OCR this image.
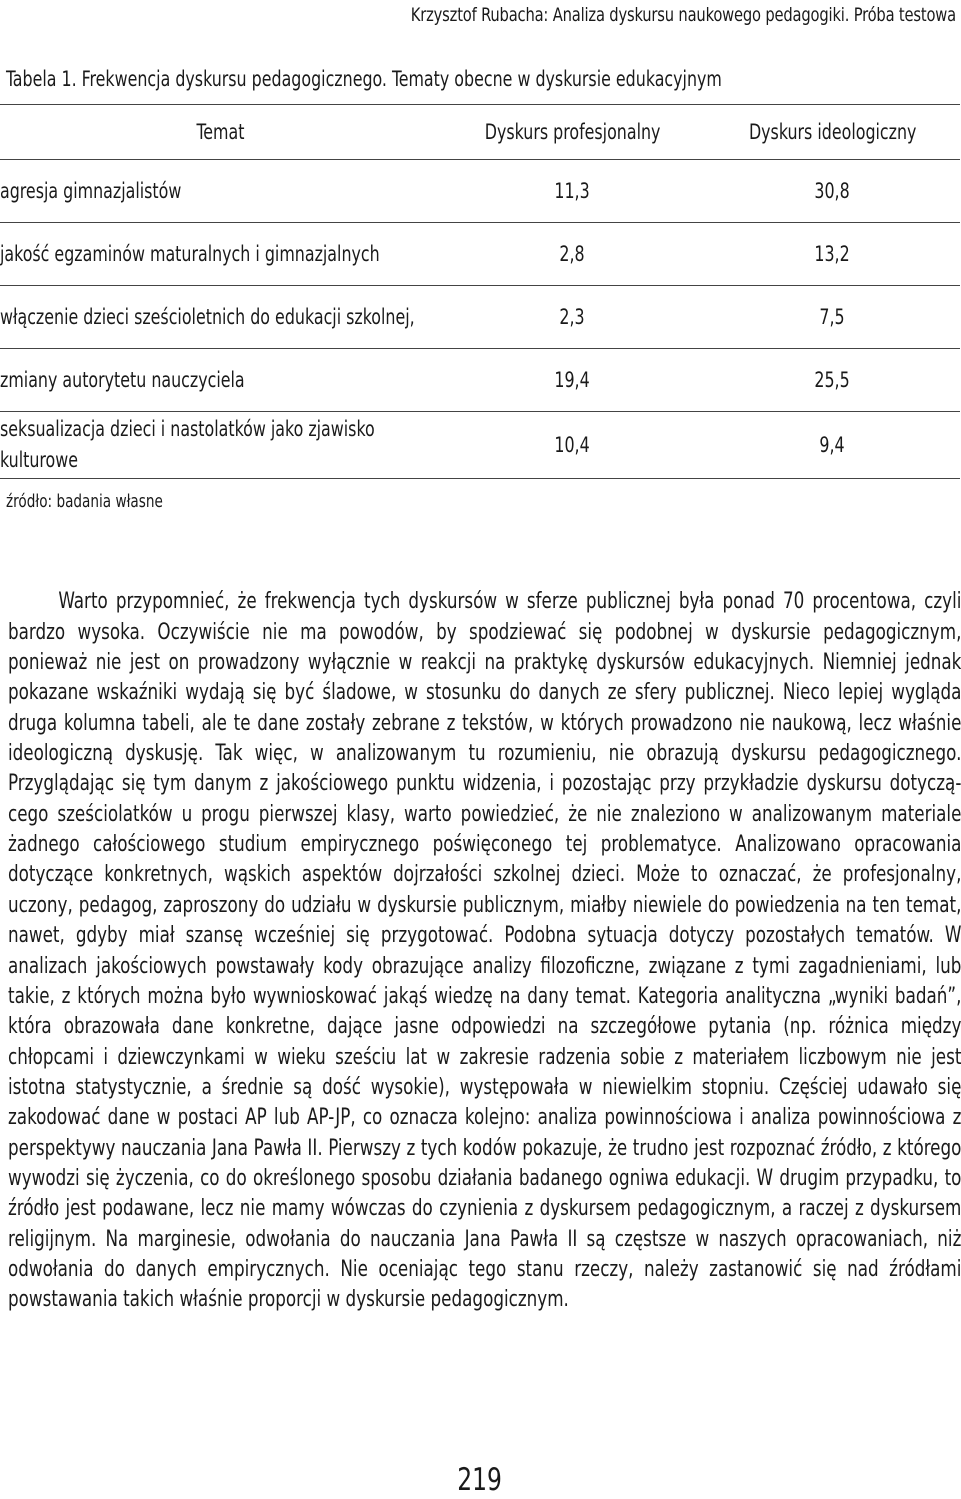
Krzysztof Rubacha: Analiza dyskursu naukowego pedagogiki. Próba testowa
Tabela 1. Frekwencja dyskursu pedagogicznego. Tematy obecne w dyskursie edukacyjnym
Temat	Dyskurs profesjonalny	Dyskurs ideologiczny
agresja gimnazjalistów	11,3	30,8
jakość egzaminów maturalnych i gimnazjalnych	2,8	13,2
włączenie dzieci sześcioletnich do edukacji szkolnej,	2,3	7,5
zmiany autorytetu nauczyciela	19,4	25,5

seksualizacja dzieci i nastolatków jako zjawisko kulturowe	10,4	9,4
źródło: badania własne

Warto przypomnieć, że frekwencja tych dyskursów w sferze publicznej była ponad 70 procentowa, czyli bardzo wysoka. Oczywiście nie ma powodów, by spodziewać się podobnej w dyskursie pedagogicznym, ponieważ nie jest on prowadzony wyłącznie w reakcji na praktykę dyskursów edukacyjnych. Niemniej jednak pokazane wskaźniki wydają się być śladowe, w stosunku do danych ze sfery publicznej. Nieco lepiej wygląda druga kolumna tabeli, ale te dane zostały zebrane z tekstów, w których prowadzono nie naukową, lecz właśnie ideologiczną dyskusję. Tak więc, w analizowanym tu rozumieniu, nie obrazują dyskursu pedagogicznego. Przyglądając się tym danym z jakościowego punktu widzenia, i pozostając przy przykładzie dyskursu dotyczącego sześciolatków u progu pierwszej klasy, warto powiedzieć, że nie znaleziono w analizowanym materiale żadnego całościowego studium empirycznego poświęconego tej problematyce. Analizowano opracowania dotyczące konkretnych, wąskich aspektów dojrzałości szkolnej dzieci. Może to oznaczać, że profesjonalny, uczony, pedagog, zaproszony do udziału w dyskursie publicznym, miałby niewiele do powiedzenia na ten temat, nawet, gdyby miał szansę wcześniej się przygotować. Podobna sytuacja dotyczy pozostałych tematów. W analizach jakościowych powstawały kody obrazujące analizy filozoficzne, związane z tymi zagadnieniami, lub takie, z których można było wywnioskować jakąś wiedzę na dany temat. Kategoria analityczna „wyniki badań”, która obrazowała dane konkretne, dające jasne odpowiedzi na szczegółowe pytania (np. różnica między chłopcami i dziewczynkami w wieku sześciu lat w zakresie radzenia sobie z materiałem liczbowym nie jest istotna statystycznie, a średnie są dość wysokie), występowała w niewielkim stopniu. Częściej udawało się zakodować dane w postaci AP lub AP-JP, co oznacza kolejno: analiza powinnościowa i analiza powinnościowa z perspektywy nauczania Jana Pawła II. Pierwszy z tych kodów pokazuje, że trudno jest rozpoznać źródło, z którego wywodzi się życzenia, co do określonego sposobu działania badanego ogniwa edukacji. W drugim przypadku, to źródło jest podawane, lecz nie mamy wówczas do czynienia z dyskursem pedagogicznym, a raczej z dyskursem religijnym. Na marginesie, odwołania do nauczania Jana Pawła II są częstsze w naszych opracowaniach, niż odwołania do danych empirycznych. Nie oceniając tego stanu rzeczy, należy zastanowić się nad źródłami powstawania takich właśnie proporcji w dyskursie pedagogicznym.

219
